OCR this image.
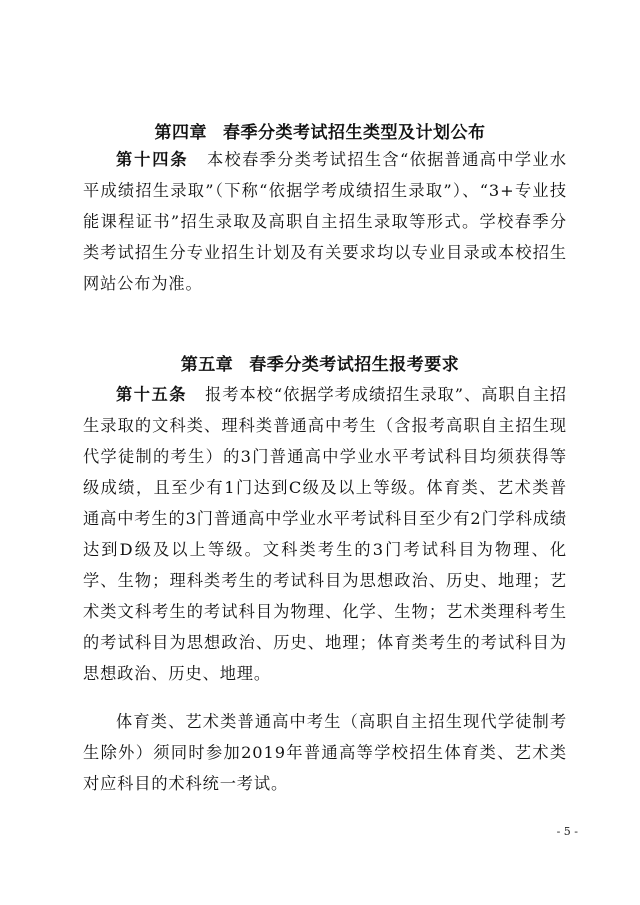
第四章 春季分类考试招生类型及计划公布
第十四条 本校春季分类考试招生含“依据普通高中学业水平成绩招生录取”（下称“依据学考成绩招生录取”）、“3+专业技能课程证书”招生录取及高职自主招生录取等形式。学校春季分类考试招生分专业招生计划及有关要求均以专业目录或本校招生网站公布为准。
第五章 春季分类考试招生报考要求
第十五条 报考本校“依据学考成绩招生录取”、高职自主招生录取的文科类、理科类普通高中考生（含报考高职自主招生现代学徒制的考生）的3门普通高中学业水平考试科目均须获得等级成绩，且至少有1门达到C级及以上等级。体育类、艺术类普通高中考生的3门普通高中学业水平考试科目至少有2门学科成绩达到D级及以上等级。文科类考生的3门考试科目为物理、化学、生物；理科类考生的考试科目为思想政治、历史、地理；艺术类文科考生的考试科目为物理、化学、生物；艺术类理科考生的考试科目为思想政治、历史、地理；体育类考生的考试科目为思想政治、历史、地理。
体育类、艺术类普通高中考生（高职自主招生现代学徒制考生除外）须同时参加2019年普通高等学校招生体育类、艺术类对应科目的术科统一考试。
- 5 -
